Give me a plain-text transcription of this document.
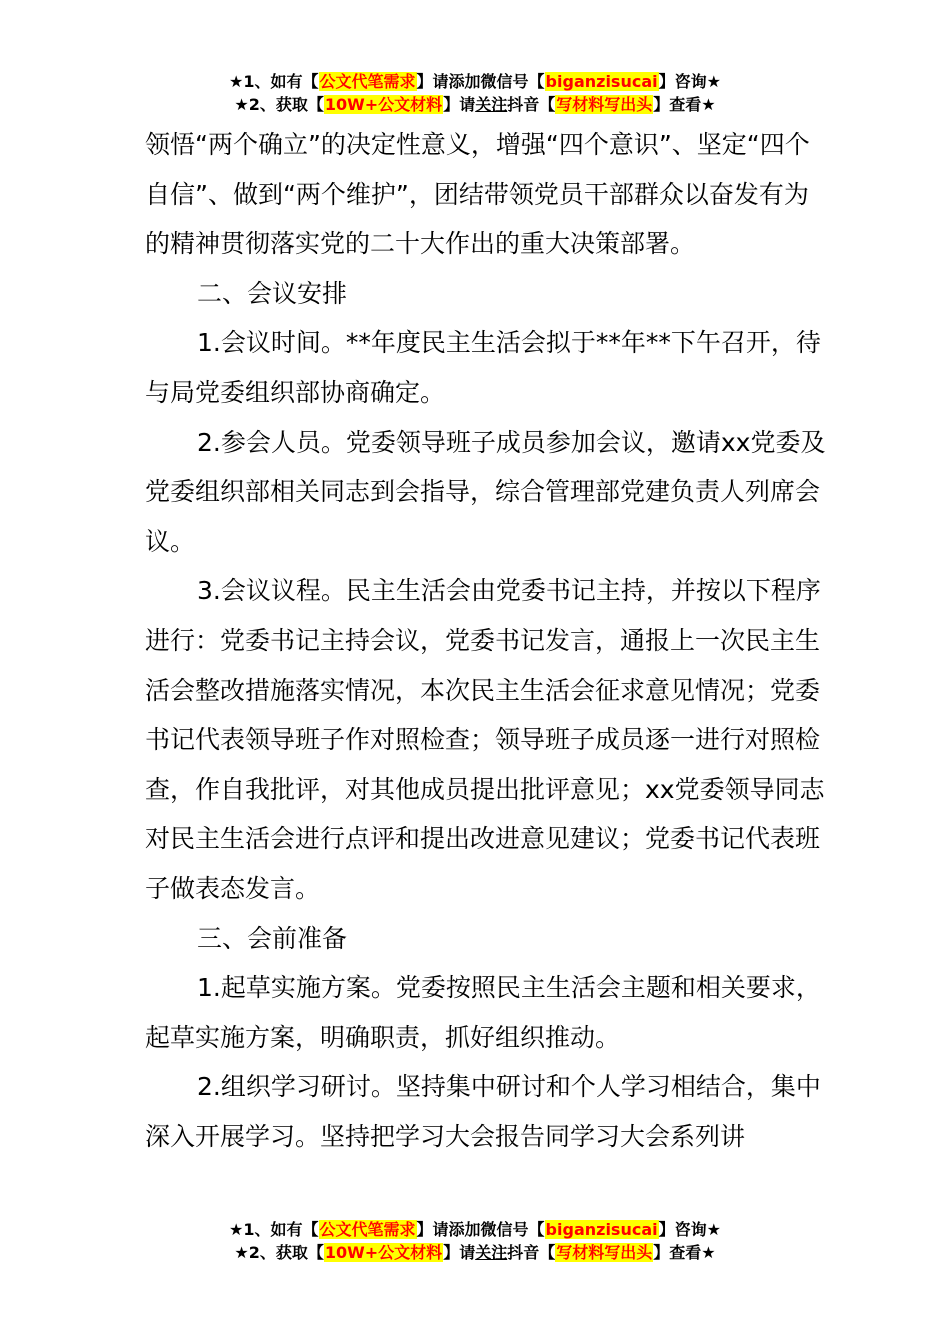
★1、如有【公文代笔需求】请添加微信号【biganzisucai】咨询★
★2、获取【10W+公文材料】请关注抖音【写材料写出头】查看★

领悟“两个确立”的决定性意义，增强“四个意识”、坚定“四个自信”、做到“两个维护”，团结带领党员干部群众以奋发有为的精神贯彻落实党的二十大作出的重大决策部署。

二、会议安排

1.会议时间。**年度民主生活会拟于**年**下午召开，待与局党委组织部协商确定。

2.参会人员。党委领导班子成员参加会议，邀请xx党委及党委组织部相关同志到会指导，综合管理部党建负责人列席会议。

3.会议议程。民主生活会由党委书记主持，并按以下程序进行：党委书记主持会议，党委书记发言，通报上一次民主生活会整改措施落实情况，本次民主生活会征求意见情况；党委书记代表领导班子作对照检查；领导班子成员逐一进行对照检查，作自我批评，对其他成员提出批评意见；xx党委领导同志对民主生活会进行点评和提出改进意见建议；党委书记代表班子做表态发言。

三、会前准备

1.起草实施方案。党委按照民主生活会主题和相关要求，起草实施方案，明确职责，抓好组织推动。

2.组织学习研讨。坚持集中研讨和个人学习相结合，集中深入开展学习。坚持把学习大会报告同学习大会系列讲

★1、如有【公文代笔需求】请添加微信号【biganzisucai】咨询★
★2、获取【10W+公文材料】请关注抖音【写材料写出头】查看★
